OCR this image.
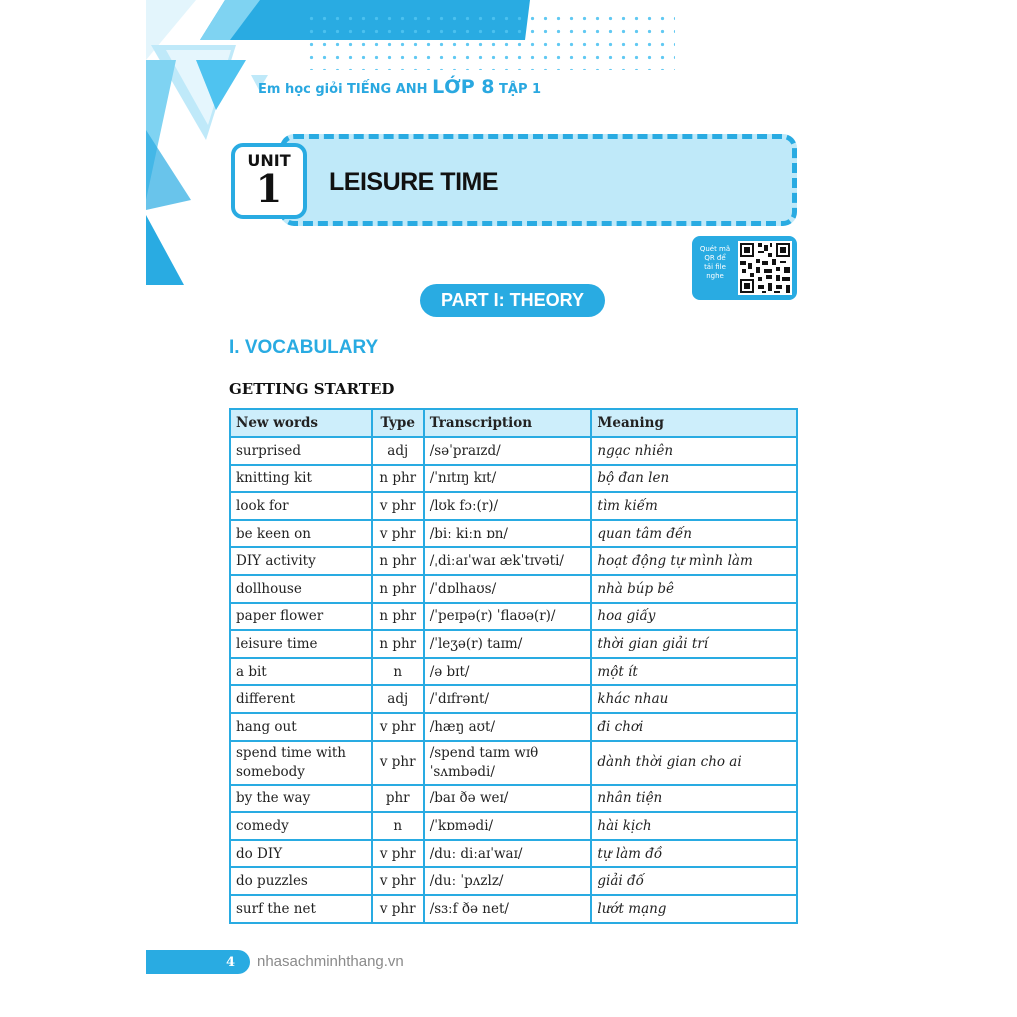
Em học giỏi TIẾNG ANH LỚP 8 TẬP 1
UNIT
1	LEISURE TIME
Quét mã QR để tải file nghe
PART I: THEORY
I. VOCABULARY
GETTING STARTED
New words	Type	Transcription	Meaning
surprised	adj	/səˈpraɪzd/	ngạc nhiên
knitting kit	n phr	/ˈnɪtɪŋ kɪt/	bộ đan len
look for	v phr	/lʊk fɔː(r)/	tìm kiếm
be keen on	v phr	/biː kiːn ɒn/	quan tâm đến
DIY activity	n phr	/ˌdiːaɪˈwaɪ ækˈtɪvəti/	hoạt động tự mình làm
dollhouse	n phr	/ˈdɒlhaʊs/	nhà búp bê
paper flower	n phr	/ˈpeɪpə(r) ˈflaʊə(r)/	hoa giấy
leisure time	n phr	/ˈleʒə(r) taɪm/	thời gian giải trí
a bit	n	/ə bɪt/	một ít
different	adj	/ˈdɪfrənt/	khác nhau
hang out	v phr	/hæŋ aʊt/	đi chơi
spend time with somebody	v phr	/spend taɪm wɪθ ˈsʌmbədi/	dành thời gian cho ai
by the way	phr	/baɪ ðə weɪ/	nhân tiện
comedy	n	/ˈkɒmədi/	hài kịch
do DIY	v phr	/duː diːaɪˈwaɪ/	tự làm đồ
do puzzles	v phr	/duː ˈpʌzlz/	giải đố
surf the net	v phr	/sɜːf ðə net/	lướt mạng
4 nhasachminhthang.vn
